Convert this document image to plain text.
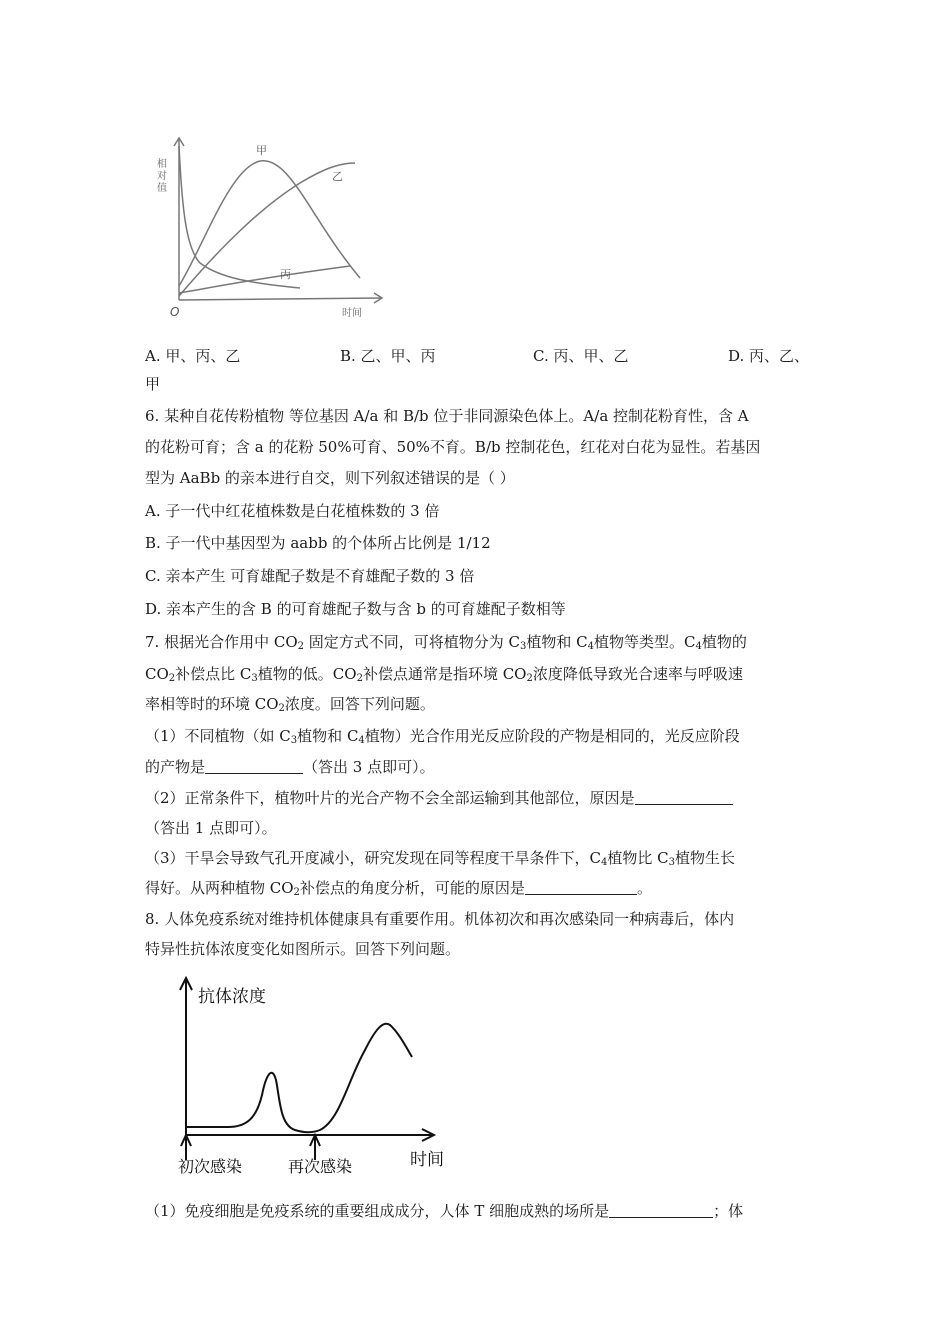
相对值
甲
乙
丙
O	时间
A. 甲、丙、乙	B. 乙、甲、丙	C. 丙、甲、乙	D. 丙、乙、
甲
6. 某种自花传粉植物 等位基因 A/a 和 B/b 位于非同源染色体上。A/a 控制花粉育性，含 A
的花粉可育；含 a 的花粉 50%可育、50%不育。B/b 控制花色，红花对白花为显性。若基因
型为 AaBb 的亲本进行自交，则下列叙述错误的是（ ）
A. 子一代中红花植株数是白花植株数的 3 倍
B. 子一代中基因型为 aabb 的个体所占比例是 1/12
C. 亲本产生 可育雄配子数是不育雄配子数的 3 倍
D. 亲本产生的含 B 的可育雄配子数与含 b 的可育雄配子数相等
7. 根据光合作用中 $CO_2$ 固定方式不同，可将植物分为 $C_3$植物和 $C_4$植物等类型。$C_4$植物的
$CO_2$补偿点比 $C_3$植物的低。$CO_2$补偿点通常是指环境 $CO_2$浓度降低导致光合速率与呼吸速
率相等时的环境 $CO_2$浓度。回答下列问题。
（1）不同植物（如 $C_3$植物和 $C_4$植物）光合作用光反应阶段的产物是相同的，光反应阶段
的产物是	（答出 3 点即可）。
（2）正常条件下，植物叶片的光合产物不会全部运输到其他部位，原因是
（答出 1 点即可）。
（3）干旱会导致气孔开度减小，研究发现在同等程度干旱条件下，$C_4$植物比 $C_3$植物生长
得好。从两种植物 $CO_2$补偿点的角度分析，可能的原因是	。
8. 人体免疫系统对维持机体健康具有重要作用。机体初次和再次感染同一种病毒后，体内
特异性抗体浓度变化如图所示。回答下列问题。
抗体浓度
时间
初次感染	再次感染
（1）免疫细胞是免疫系统的重要组成成分，人体 T 细胞成熟的场所是	；体
